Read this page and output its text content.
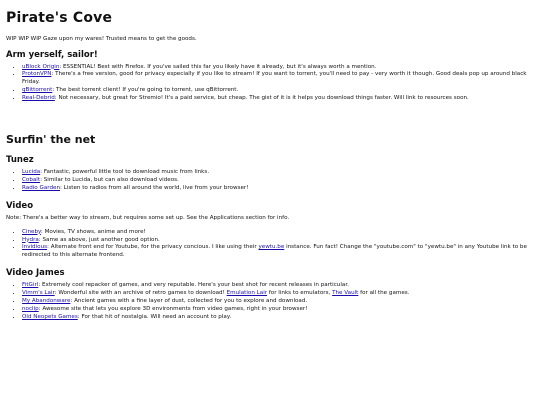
Pirate's Cove

WIP WIP WIP Gaze upon my wares! Trusted means to get the goods.

Arm yerself, sailor!
• uBlock Origin: ESSENTIAL! Best with Firefox. If you've sailed this far you likely have it already, but it's always worth a mention.
• ProtonVPN: There's a free version, good for privacy especially if you like to stream! If you want to torrent, you'll need to pay - very worth it though. Good deals pop up around black Friday.
• qBittorrent: The best torrent client! If you're going to torrent, use qBittorrent.
• Real-Debrid: Not necessary, but great for Stremio! It's a paid service, but cheap. The gist of it is it helps you download things faster. Will link to resources soon.
Surfin' the net
Tunez
• Lucida: Fantastic, powerful little tool to download music from links.
• Cobalt: Similar to Lucida, but can also download videos.
• Radio Garden: Listen to radios from all around the world, live from your browser!
Video

Note: There's a better way to stream, but requires some set up. See the Applications section for info.

• Cineby: Movies, TV shows, anime and more!
• Hydra: Same as above, just another good option.
• Invidious: Alternate front end for Youtube, for the privacy concious. I like using their yewtu.be instance. Fun fact! Change the "youtube.com" to "yewtu.be" in any Youtube link to be redirected to this alternate frontend.
Video James
• FitGirl: Extremely cool repacker of games, and very reputable. Here's your best shot for recent releases in particular.
• Vimm's Lair: Wonderful site with an archive of retro games to download! Emulation Lair for links to emulators, The Vault for all the games.
• My Abandonware: Ancient games with a fine layer of dust, collected for you to explore and download.
• noclip: Awesome site that lets you explore 3D environments from video games, right in your browser!
• Old Neopets Games: For that hit of nostalgia. Will need an account to play.
